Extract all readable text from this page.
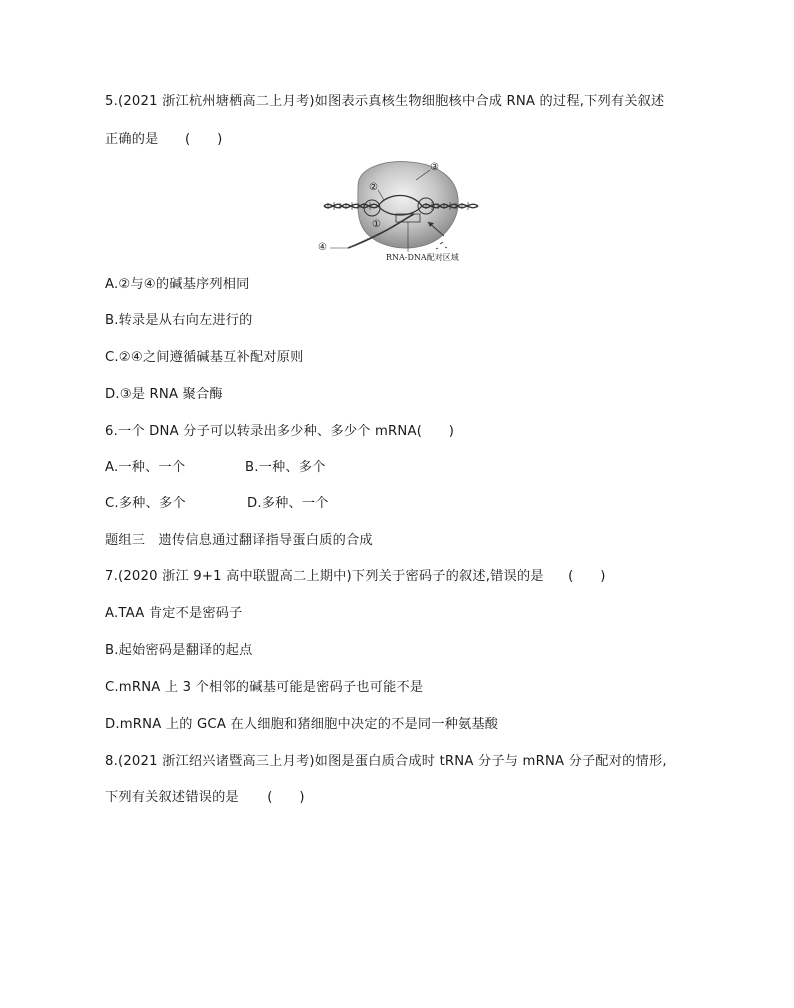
5.(2021 浙江杭州塘栖高二上月考)如图表示真核生物细胞核中合成 RNA 的过程,下列有关叙述
正确的是 (　　)
③
②
①
④
RNA-DNA配对区域
A.②与④的碱基序列相同
B.转录是从右向左进行的
C.②④之间遵循碱基互补配对原则
D.③是 RNA 聚合酶
6.一个 DNA 分子可以转录出多少种、多少个 mRNA(　　)
A.一种、一个	B.一种、多个
C.多种、多个	D.多种、一个
题组三　遗传信息通过翻译指导蛋白质的合成
7.(2020 浙江 9+1 高中联盟高二上期中)下列关于密码子的叙述,错误的是 (　　)
A.TAA 肯定不是密码子
B.起始密码是翻译的起点
C.mRNA 上 3 个相邻的碱基可能是密码子也可能不是
D.mRNA 上的 GCA 在人细胞和猪细胞中决定的不是同一种氨基酸
8.(2021 浙江绍兴诸暨高三上月考)如图是蛋白质合成时 tRNA 分子与 mRNA 分子配对的情形,
下列有关叙述错误的是 (　　)
